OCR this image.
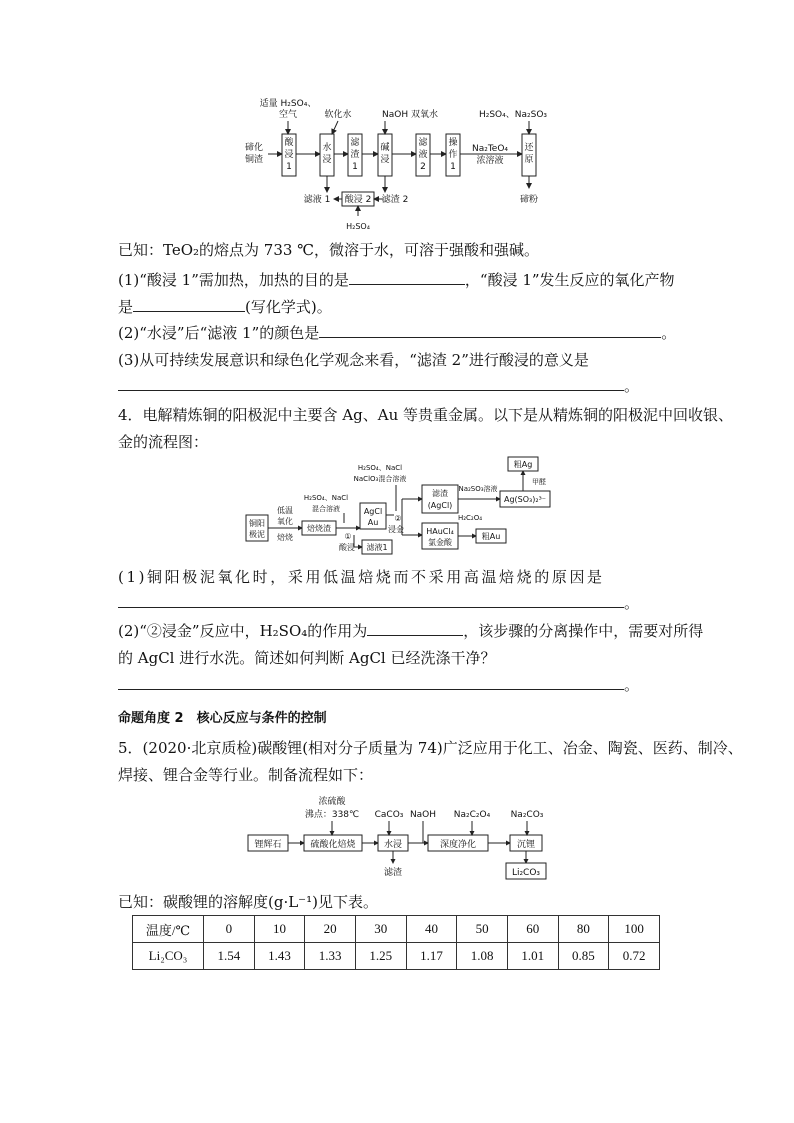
适量 H₂SO₄、
空气	软化水	NaOH 双氧水	H₂SO₄、Na₂SO₃
碲化
铜渣
酸
浸
1
水
浸
滤
渣
1
碱
浸
滤
液
2
操
作
1
Na₂TeO₄
浓溶液
还
原
碲粉
滤液 1 酸浸 2 滤渣 2
H₂SO₄
已知：TeO₂的熔点为 733 ℃，微溶于水，可溶于强酸和强碱。
(1)“酸浸 1”需加热，加热的目的是	，“酸浸 1”发生反应的氧化产物
是	(写化学式)。
(2)“水浸”后“滤液 1”的颜色是	。
(3)从可持续发展意识和绿色化学观念来看，“滤渣 2”进行酸浸的意义是
。
4．电解精炼铜的阳极泥中主要含 Ag、Au 等贵重金属。以下是从精炼铜的阳极泥中回收银、
金的流程图：
铜阳
极泥
低温
氧化
焙烧
焙烧渣
H₂SO₄、NaCl
混合溶液
①
酸浸 滤液1
AgCl
Au
H₂SO₄、NaCl
NaClO₃混合溶液
②
浸金
滤渣
(AgCl)
Na₂SO₃溶液
Ag(SO₃)₂³⁻
甲醛
粗Ag
HAuCl₄
氯金酸
H₂C₂O₄
粗Au
(1)铜阳极泥氧化时，采用低温焙烧而不采用高温焙烧的原因是
。
(2)“②浸金”反应中，H₂SO₄的作用为	，该步骤的分离操作中，需要对所得
的 AgCl 进行水洗。简述如何判断 AgCl 已经洗涤干净？
。
命题角度 2　核心反应与条件的控制
5．(2020·北京质检)碳酸锂(相对分子质量为 74)广泛应用于化工、冶金、陶瓷、医药、制冷、
焊接、锂合金等行业。制备流程如下：
浓硫酸
沸点：338℃ CaCO₃ NaOH Na₂C₂O₄ Na₂CO₃
锂辉石	硫酸化焙烧	水浸
滤渣
深度净化	沉锂
Li₂CO₃
已知：碳酸锂的溶解度(g·L⁻¹)见下表。
温度/℃	0	10	20	30	40	50	60	80	100
Li₂CO₃	1.54	1.43	1.33	1.25	1.17	1.08	1.01	0.85	0.72
